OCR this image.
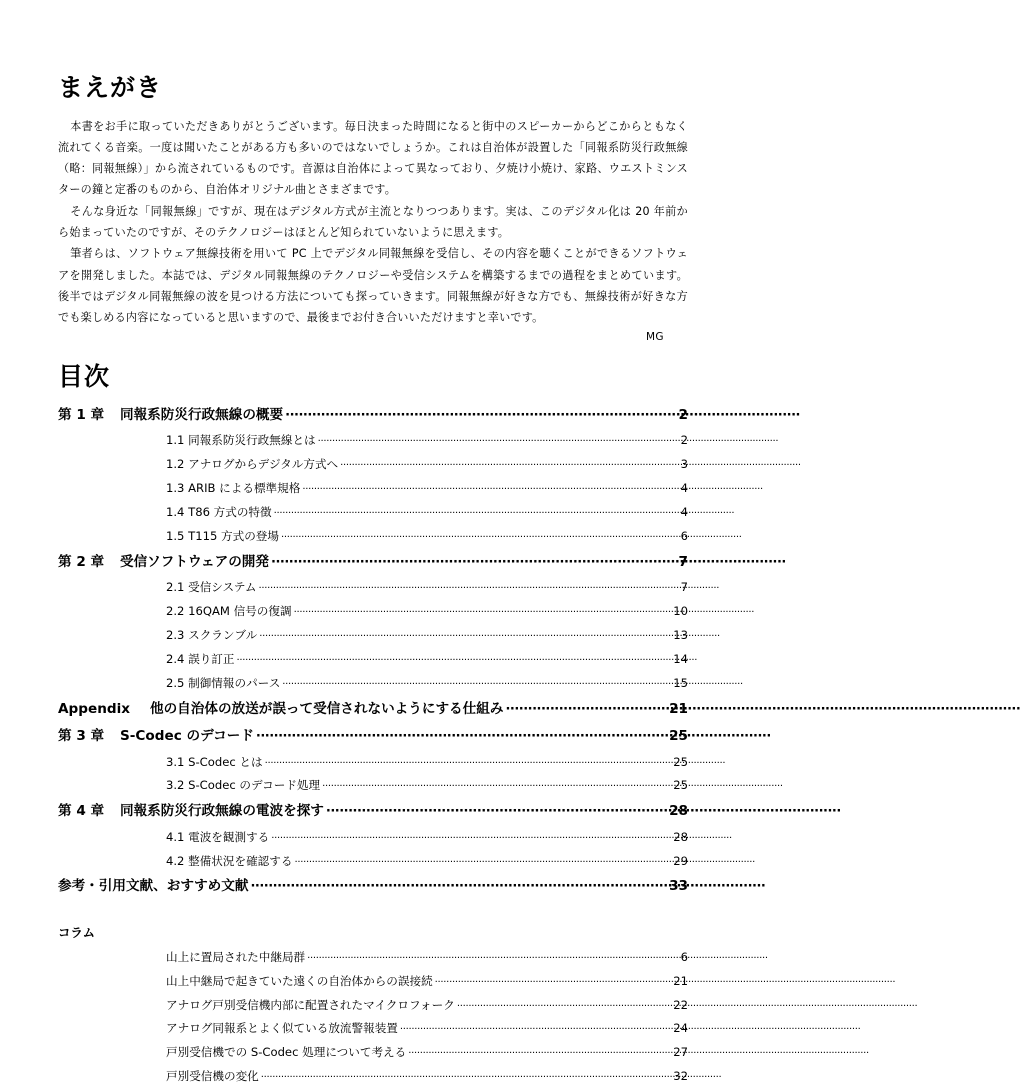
まえがき

本書をお手に取っていただきありがとうございます。毎日決まった時間になると街中のスピーカーからどこからともなく流れてくる音楽。一度は聞いたことがある方も多いのではないでしょうか。これは自治体が設置した「同報系防災行政無線（略：同報無線）」から流されているものです。音源は自治体によって異なっており、夕焼け小焼け、家路、ウエストミンスターの鐘と定番のものから、自治体オリジナル曲とさまざまです。

そんな身近な「同報無線」ですが、現在はデジタル方式が主流となりつつあります。実は、このデジタル化は 20 年前から始まっていたのですが、そのテクノロジーはほとんど知られていないように思えます。

筆者らは、ソフトウェア無線技術を用いて PC 上でデジタル同報無線を受信し、その内容を聴くことができるソフトウェアを開発しました。本誌では、デジタル同報無線のテクノロジーや受信システムを構築するまでの過程をまとめています。後半ではデジタル同報無線の波を見つける方法についても探っていきます。同報無線が好きな方でも、無線技術が好きな方でも楽しめる内容になっていると思いますので、最後までお付き合いいただけますと幸いです。

MG
目次
第 1 章 同報系防災行政無線の概要 ·····	2
1.1 同報系防災行政無線とは ·····	2
1.2 アナログからデジタル方式へ ·····	3
1.3 ARIB による標準規格 ·····	4
1.4 T86 方式の特徴 ·····	4
1.5 T115 方式の登場 ·····	6
第 2 章 受信ソフトウェアの開発 ·····	7
2.1 受信システム ·····	7
2.2 16QAM 信号の復調 ·····	10
2.3 スクランブル ·····	13
2.4 誤り訂正 ·····	14
2.5 制御情報のパース ·····	15
Appendix 他の自治体の放送が誤って受信されないようにする仕組み ·····	21
第 3 章 S-Codec のデコード ·····	25
3.1 S-Codec とは ·····	25
3.2 S-Codec のデコード処理 ·····	25
第 4 章 同報系防災行政無線の電波を探す ·····	28
4.1 電波を観測する ·····	28
4.2 整備状況を確認する ·····	29
参考・引用文献、おすすめ文献 ·····	33
コラム
山上に置局された中継局群 ·····	6
山上中継局で起きていた遠くの自治体からの誤接続 ·····	21
アナログ戸別受信機内部に配置されたマイクロフォーク ·····	22
アナログ同報系とよく似ている放流警報装置 ·····	24
戸別受信機での S-Codec 処理について考える ·····	27
戸別受信機の変化 ·····	32
